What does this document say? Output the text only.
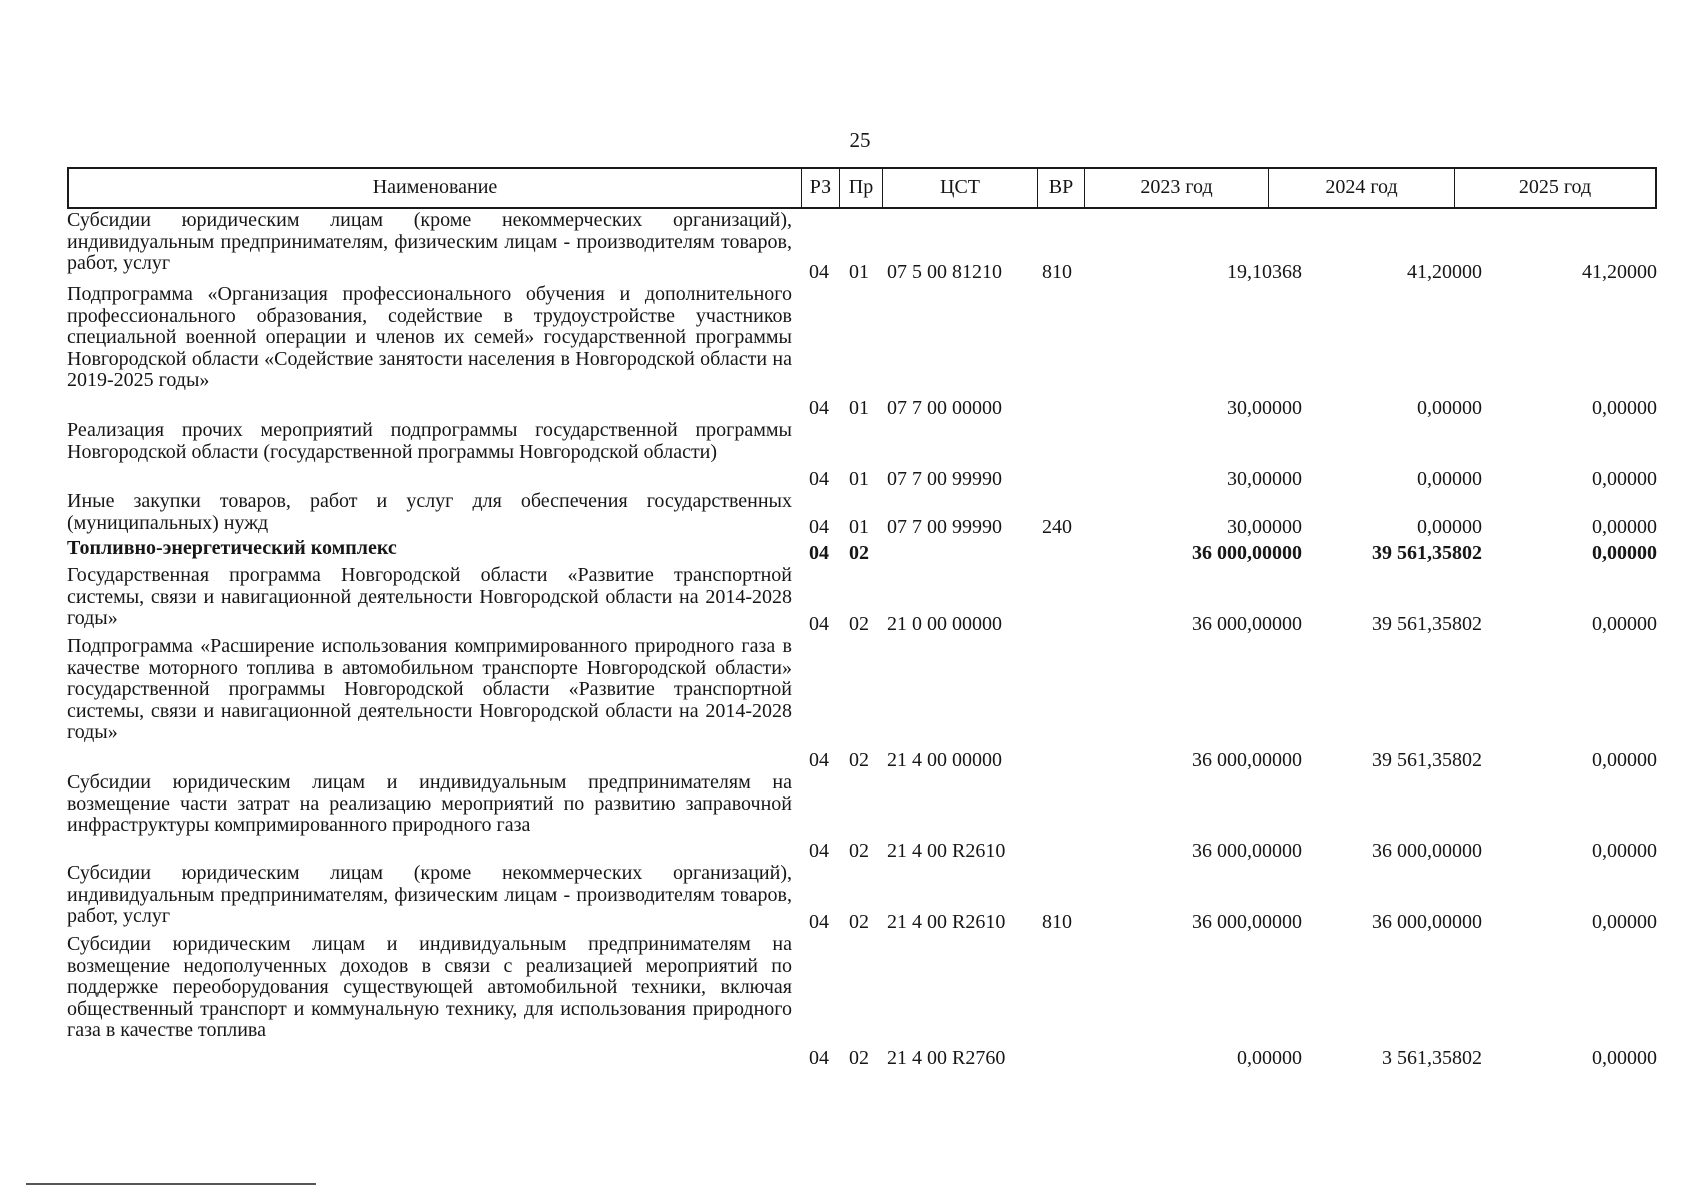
25
Наименование	РЗ Пр	ЦСТ	ВР	2023 год	2024 год	2025 год
Субсидии юридическим лицам (кроме некоммерческих организаций), индивидуальным предпринимателям, физическим лицам - производителям товаров, работ, услуг	04	01 07 5 00 81210	810	19,10368	41,20000	41,20000
Подпрограмма «Организация профессионального обучения и дополнительного профессионального образования, содействие в трудоустройстве участников специальной военной операции и членов их семей» государственной программы Новгородской области «Содействие занятости населения в Новгородской области на 2019-2025 годы»
04	01 07 7 00 00000	30,00000	0,00000	0,00000
Реализация прочих мероприятий подпрограммы государственной программы Новгородской области (государственной программы Новгородской области)
04	01 07 7 00 99990	30,00000	0,00000	0,00000
Иные закупки товаров, работ и услуг для обеспечения государственных (муниципальных) нужд	04	01 07 7 00 99990	240	30,00000	0,00000	0,00000
Топливно-энергетический комплекс	04	02	36 000,00000	39 561,35802	0,00000
Государственная программа Новгородской области «Развитие транспортной системы, связи и навигационной деятельности Новгородской области на 2014-2028 годы»	04	02 21 0 00 00000	36 000,00000	39 561,35802	0,00000
Подпрограмма «Расширение использования компримированного природного газа в качестве моторного топлива в автомобильном транспорте Новгородской области» государственной программы Новгородской области «Развитие транспортной системы, связи и навигационной деятельности Новгородской области на 2014-2028 годы»
04	02 21 4 00 00000	36 000,00000	39 561,35802	0,00000
Субсидии юридическим лицам и индивидуальным предпринимателям на возмещение части затрат на реализацию мероприятий по развитию заправочной инфраструктуры компримированного природного газа
04	02 21 4 00 R2610	36 000,00000	36 000,00000	0,00000
Субсидии юридическим лицам (кроме некоммерческих организаций), индивидуальным предпринимателям, физическим лицам - производителям товаров, работ, услуг	04	02 21 4 00 R2610	810	36 000,00000	36 000,00000	0,00000
Субсидии юридическим лицам и индивидуальным предпринимателям на возмещение недополученных доходов в связи с реализацией мероприятий по поддержке переоборудования существующей автомобильной техники, включая общественный транспорт и коммунальную технику, для использования природного газа в качестве топлива
04	02 21 4 00 R2760	0,00000	3 561,35802	0,00000
